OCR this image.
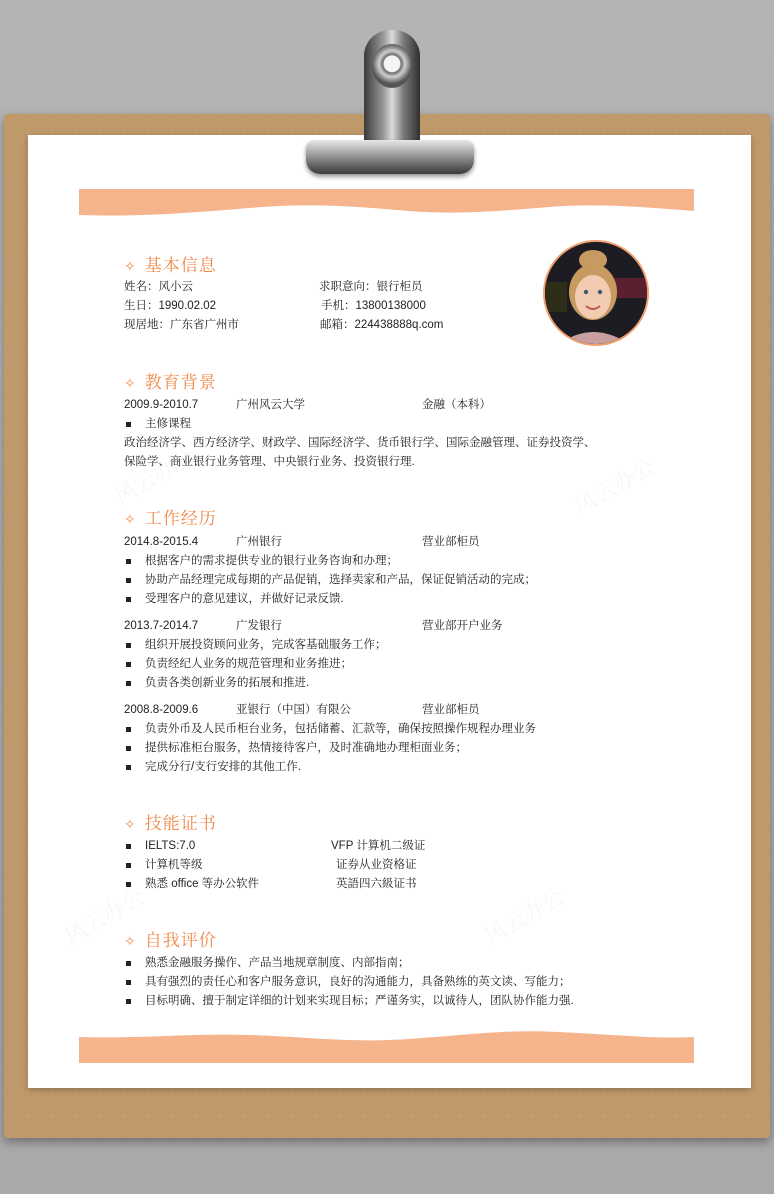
✧ 基本信息
✧ 教育背景
✧ 工作经历
✧ 技能证书
✧ 自我评价
姓名：风小云	求职意向：银行柜员
生日：1990.02.02	手机：13800138000
现居地：广东省广州市	邮箱：224438888q.com
2009.9-2010.7	广州风云大学	金融（本科）
主修课程
政治经济学、西方经济学、财政学、国际经济学、货币银行学、国际金融管理、证券投资学、
保险学、商业银行业务管理、中央银行业务、投资银行理.
2014.8-2015.4	广州银行	营业部柜员
根据客户的需求提供专业的银行业务咨询和办理；
协助产品经理完成每期的产品促销，选择卖家和产品，保证促销活动的完成；
受理客户的意见建议，并做好记录反馈.
2013.7-2014.7	广发银行	营业部开户业务
组织开展投资顾问业务，完成客基础服务工作；
负责经纪人业务的规范管理和业务推进；
负责各类创新业务的拓展和推进.
2008.8-2009.6	亚银行（中国）有限公	营业部柜员
负责外币及人民币柜台业务，包括储蓄、汇款等，确保按照操作规程办理业务
提供标准柜台服务，热情接待客户，及时准确地办理柜面业务；
完成分行/支行安排的其他工作.
IELTS:7.0	VFP 计算机二级证
计算机等级	证券从业资格证
熟悉 office 等办公软件	英語四六級证书
熟悉金融服务操作、产品当地规章制度、内部指南；
具有强烈的责任心和客户服务意识，良好的沟通能力，具备熟练的英文读、写能力；
目标明确、擅于制定详细的计划来实现目标；严谨务实，以诚待人，团队协作能力强.
